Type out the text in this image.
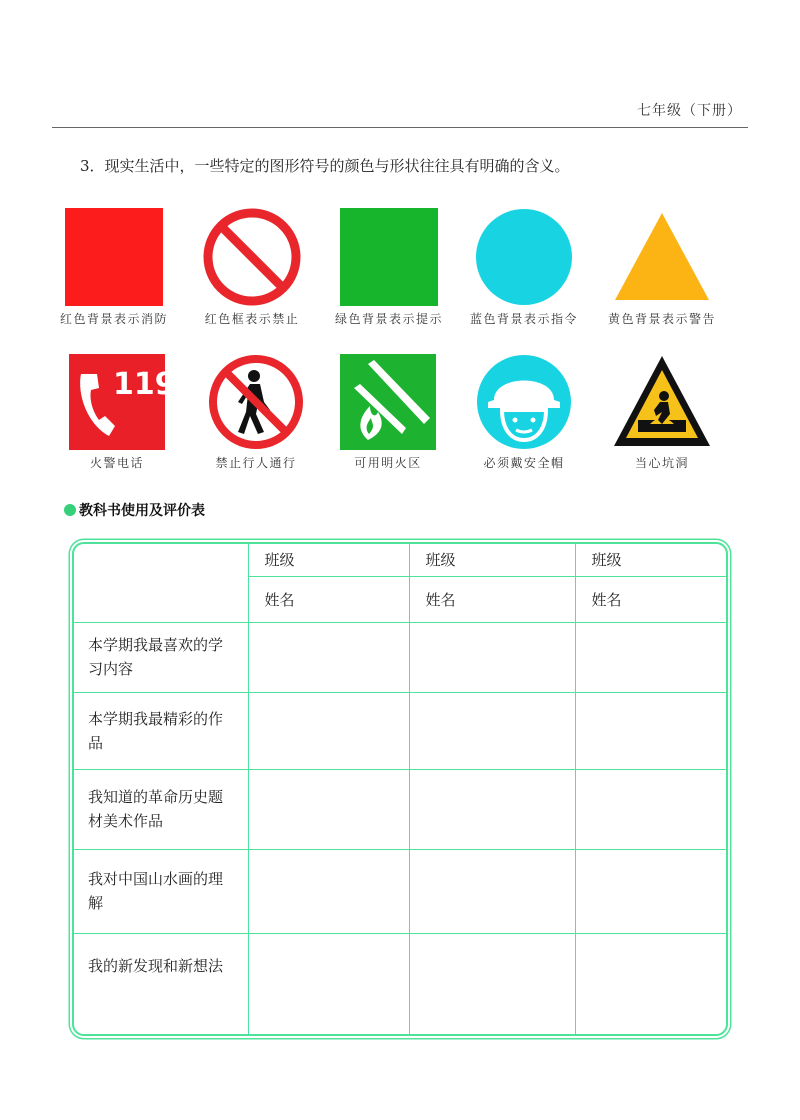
七年级（下册）
3．现实生活中，一些特定的图形符号的颜色与形状往往具有明确的含义。
红色背景表示消防	红色框表示禁止	绿色背景表示提示 蓝色背景表示指令 黄色背景表示警告
119
火警电话	禁止行人通行	可用明火区	必须戴安全帽	当心坑洞
教科书使用及评价表
	班级	班级	班级
	姓名	姓名	姓名
本学期我最喜欢的学习内容			
本学期我最精彩的作品			
我知道的革命历史题材美术作品			
我对中国山水画的理解			
我的新发现和新想法			
